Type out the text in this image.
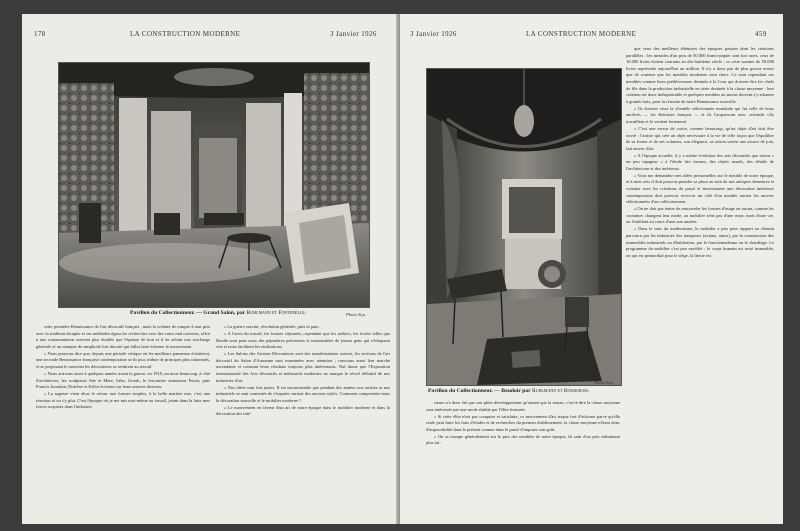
178	LA CONSTRUCTION MODERNE	3 Janvier 1926
Pavillon du Collectionneur. — Grand Salon, par Ruhlmann et Fontenelle.	Photo Sep.

cette première Renaissance de l'art décoratif français ; mais la volonté de rompre à tout prix avec la tradition dicapite et ses méthodes égara les recherches vers des voies mal ouvertes, offrit à une ornementation souvent plus étudiée que l'épaisse de bon et il en advint une surcharge générale et un manque de simplicité fort discuté qui fallut faire échouer le mouvement.

« Nous pouvons dire que, depuis une période critique où les meilleurs panneaux éclatèrent, une seconde Renaissance française contemporaine se fit jour, imbue de principes plus rationnels, et se proposant le nouveau les décorateurs se sentirent au travail.

« Nous arrivons aussi à quelques années avant la guerre, en 1910, un nous beaucoup, à côté d'architectes, les sculpteurs Süe et Mare, Iribe, Groult, le ferronnier animateur Poiret, puis Francis Jourdain, Dufrêne et Follot écrivent sur leurs œuvres diverses.

« La sagesse vient alors le retour aux formes simples, à la belle matière nue, c'est une réaction et on s'y plut. C'est l'époque où je me mis moi-même au travail, jetant dans la lutte mes forces acquises dans l'industrie.

« La guerre survint, révolution générale, puis la paix.

« A l'aveu du travail, les formes s'épurent, cependant que les ateliers, les écoles telles que Boulle sont pour nous des pépinières précieuses et intarissables de jeunes gens qui s'éduquent vite et nous facilitent les réalisations.

« Les Salons des Artistes Décorateurs sont des manifestations suivies, les sections de l'art décoratif du Salon d'Automne sont examinées avec attention ; concours aussi leur marche ascendante et constant leurs résultats toujours plus intéressants. Nul doute que l'Exposition internationale des Arts décoratifs et industriels modernes ne marque le réveil définitif de nos industries d'art.

« Nos idées sont fort justes. Il est incontestable que pendant des années nos artistes et nos industriels se sont contentés de s'inspirer surtout des anciens styles. Comment comprendre-nous la décoration nouvelle et le mobilier moderne ?

« Le mouvement en faveur d'un art de notre époque dans le mobilier moderne et dans la décoration des inté-

3 Janvier 1926	LA CONSTRUCTION MODERNE	459
Pavillon du Collectionneur. — Boudoir par Ruhlmann et Bourgeois.
Photo Sep.

que ceux des meilleurs ébénistes des époques passées dont les créations parallèles : les meubles d'un prix de 50.000 francs-papier sont fort rares, ceux de 10.000 livres étaient courants au dix-huitième siècle ; or cette somme de 50.000 livres représente aujourd'hui un million. Il n'y a donc pas de plus grosse erreur que de soutenir que les meubles modernes sont chers. Ce sont cependant ces meubles comme leurs prédécesseurs destinés à la Cour qui doivent être les chefs de file dans la production industrielle en série destinée à la classe moyenne : leur création est donc indispensable et quelques meubles au moins doivent s'y adonner à grands frais, pour la réussite de notre Renaissance nouvelle.

« Ils doivent viser la clientèle sélectionnée mondiale qui fut celle de leurs ancêtres — les ébénistes français — et ils l'acquerront avec certitude s'ils travaillent et le veulent fortement.

« C'est une erreur de croire, comme beaucoup, qu'un objet d'art doit être ouvré : l'artiste qui crée un objet nécessaire à la vie de telle façon que l'équilibre de sa forme et de ses volumes, son élégance, sa raison soient une source de joie, fait œuvre d'art.

« A l'époque actuelle, il y a même évolution des arts décoratifs que retour « un peu tapageur » à l'étude des formes, des objets usuels, des détails de l'architecture et des intérieurs.

« Vous me demandez mes idées personnelles sur le meuble de notre époque, et à mon avis il doit pouvoir prendre sa place au sein de nos antiques demeures et voisiner avec les créations du passé et inversement une décoration intérieure contemporaine doit pouvoir recevoir un côté d'un meuble ancien les œuvres sélectionnées d'un collectionneur.

« On ne doit pas tenter de renouveler les formes d'usage en aucun, comme les coutumes changent leur mode, au mobilier n'est pas d'une mise, mais d'une vie, on l'oublient au cours d'une aux années.

« Dans le sens du modernisme, le mobilier a pris pour rapport au chemin parcouru par les industries des transports (avions, autos), par la construction des immeubles industriels ou d'habitation, par le fonctionnalisme ou le chauffage. Le programme du mobilier s'est peu modifié : le corps humain est resté immuable, on qui est primordial pour le siège, la literie est

rieurs n'a donc été que son plein développement qu'autant que la masse, c'est-à-dire la classe moyenne sera intéressée par une mode établie par l'élite fortunée.

« Si cette élite n'est pas conquise et satisfaite, ce mouvement d'art risque fort d'échouer parce qu'elle seule peut faire les frais d'études et de recherches du premier établissement, la classe moyenne n'étant donc d'impossibilité dans le présent comme dans le passé d'imposer son goût.

« On se trompe généralement sur le prix des meubles de notre époque, ils sont d'un prix infiniment plus fai-
